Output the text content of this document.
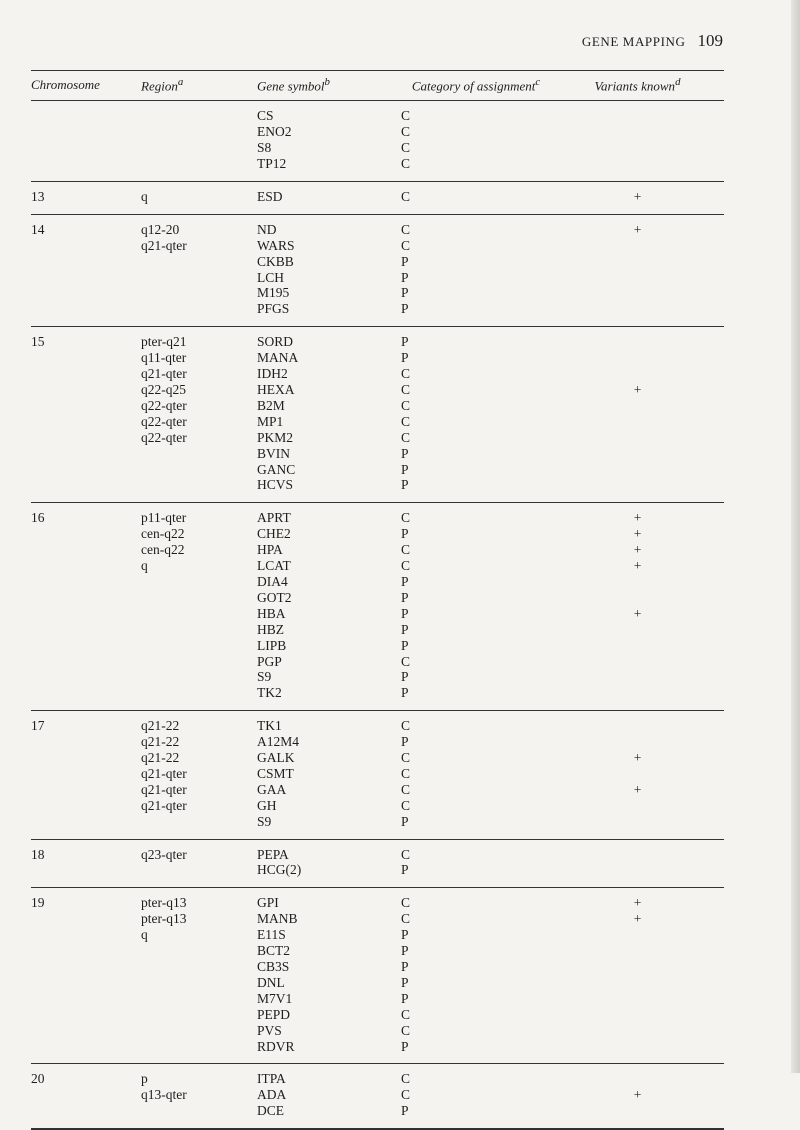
GENE MAPPING 109
Chromosome	Region$^a$	Gene symbol$^b$	Category of assignment$^c$	Variants known$^d$
		CS	C	
		ENO2	C	
		S8	C	
		TP12	C	
13	q	ESD	C	+
14	q12-20	ND	C	+
	q21-qter	WARS	C	
		CKBB	P	
		LCH	P	
		M195	P	
		PFGS	P	
15	pter-q21	SORD	P	
	q11-qter	MANA	P	
	q21-qter	IDH2	C	
	q22-q25	HEXA	C	+
	q22-qter	B2M	C	
	q22-qter	MP1	C	
	q22-qter	PKM2	C	
		BVIN	P	
		GANC	P	
		HCVS	P	
16	p11-qter	APRT	C	+
	cen-q22	CHE2	P	+
	cen-q22	HPA	C	+
	q	LCAT	C	+
		DIA4	P	
		GOT2	P	
		HBA	P	+
		HBZ	P	
		LIPB	P	
		PGP	C	
		S9	P	
		TK2	P	
17	q21-22	TK1	C	
	q21-22	A12M4	P	
	q21-22	GALK	C	+
	q21-qter	CSMT	C	
	q21-qter	GAA	C	+
	q21-qter	GH	C	
		S9	P	
18	q23-qter	PEPA	C	
		HCG(2)	P	
19	pter-q13	GPI	C	+
	pter-q13	MANB	C	+
	q	E11S	P	
		BCT2	P	
		CB3S	P	
		DNL	P	
		M7V1	P	
		PEPD	C	
		PVS	C	
		RDVR	P	
20	p	ITPA	C	
	q13-qter	ADA	C	+
		DCE	P	
